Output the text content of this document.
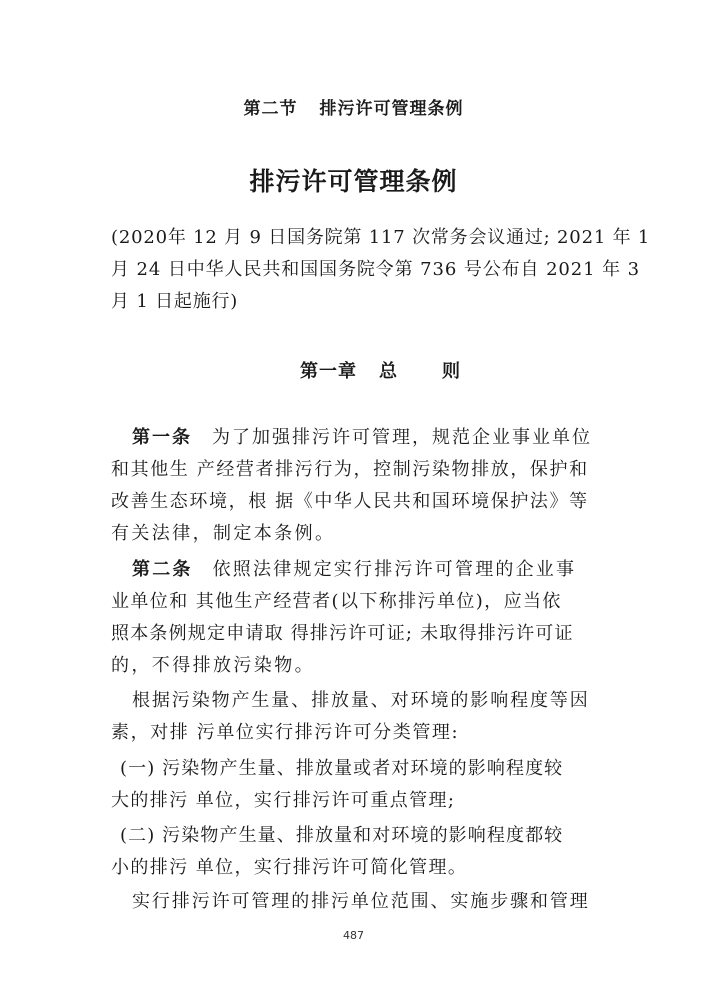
第二节 排污许可管理条例
排污许可管理条例
(2020年 12 月 9 日国务院第 117 次常务会议通过; 2021 年 1
月 24 日中华人民共和国国务院令第 736 号公布自 2021 年 3
月 1 日起施行)
第一章 总 则
第一条 为了加强排污许可管理，规范企业事业单位
和其他生 产经营者排污行为，控制污染物排放，保护和
改善生态环境，根 据《中华人民共和国环境保护法》等
有关法律，制定本条例。
第二条 依照法律规定实行排污许可管理的企业事
业单位和 其他生产经营者(以下称排污单位)，应当依
照本条例规定申请取 得排污许可证; 未取得排污许可证
的，不得排放污染物。
根据污染物产生量、排放量、对环境的影响程度等因
素，对排 污单位实行排污许可分类管理:
(一) 污染物产生量、排放量或者对环境的影响程度较
大的排污 单位，实行排污许可重点管理;
(二) 污染物产生量、排放量和对环境的影响程度都较
小的排污 单位，实行排污许可简化管理。
实行排污许可管理的排污单位范围、实施步骤和管理
487
